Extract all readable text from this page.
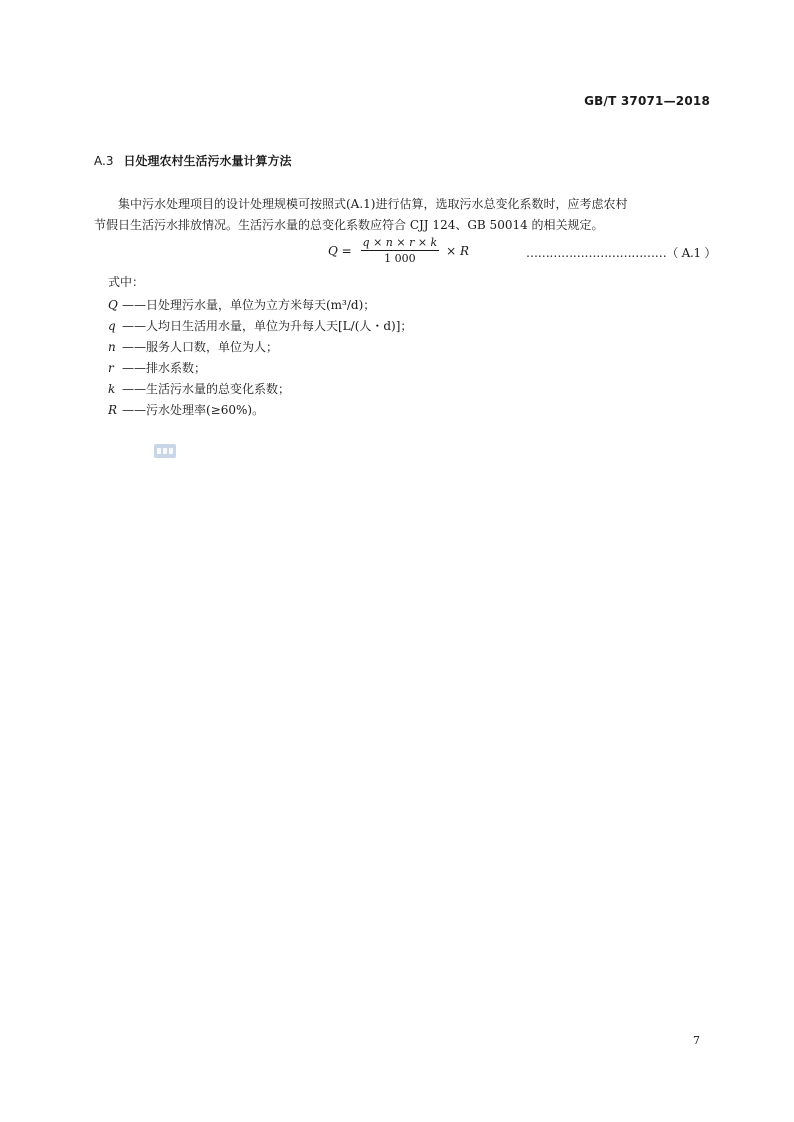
GB/T 37071—2018
A.3 日处理农村生活污水量计算方法
集中污水处理项目的设计处理规模可按照式(A.1)进行估算，选取污水总变化系数时，应考虑农村
节假日生活污水排放情况。生活污水量的总变化系数应符合 CJJ 124、GB 50014 的相关规定。
$Q = \frac{q \times n \times r \times k}{1 000} \times R$	………………………………（ A.1 ）
式中：
Q ——日处理污水量，单位为立方米每天(m³/d)；
q ——人均日生活用水量，单位为升每人天[L/(人・d)]；
n ——服务人口数，单位为人；
r ——排水系数；
k ——生活污水量的总变化系数；
R ——污水处理率(≥60%)。
7
